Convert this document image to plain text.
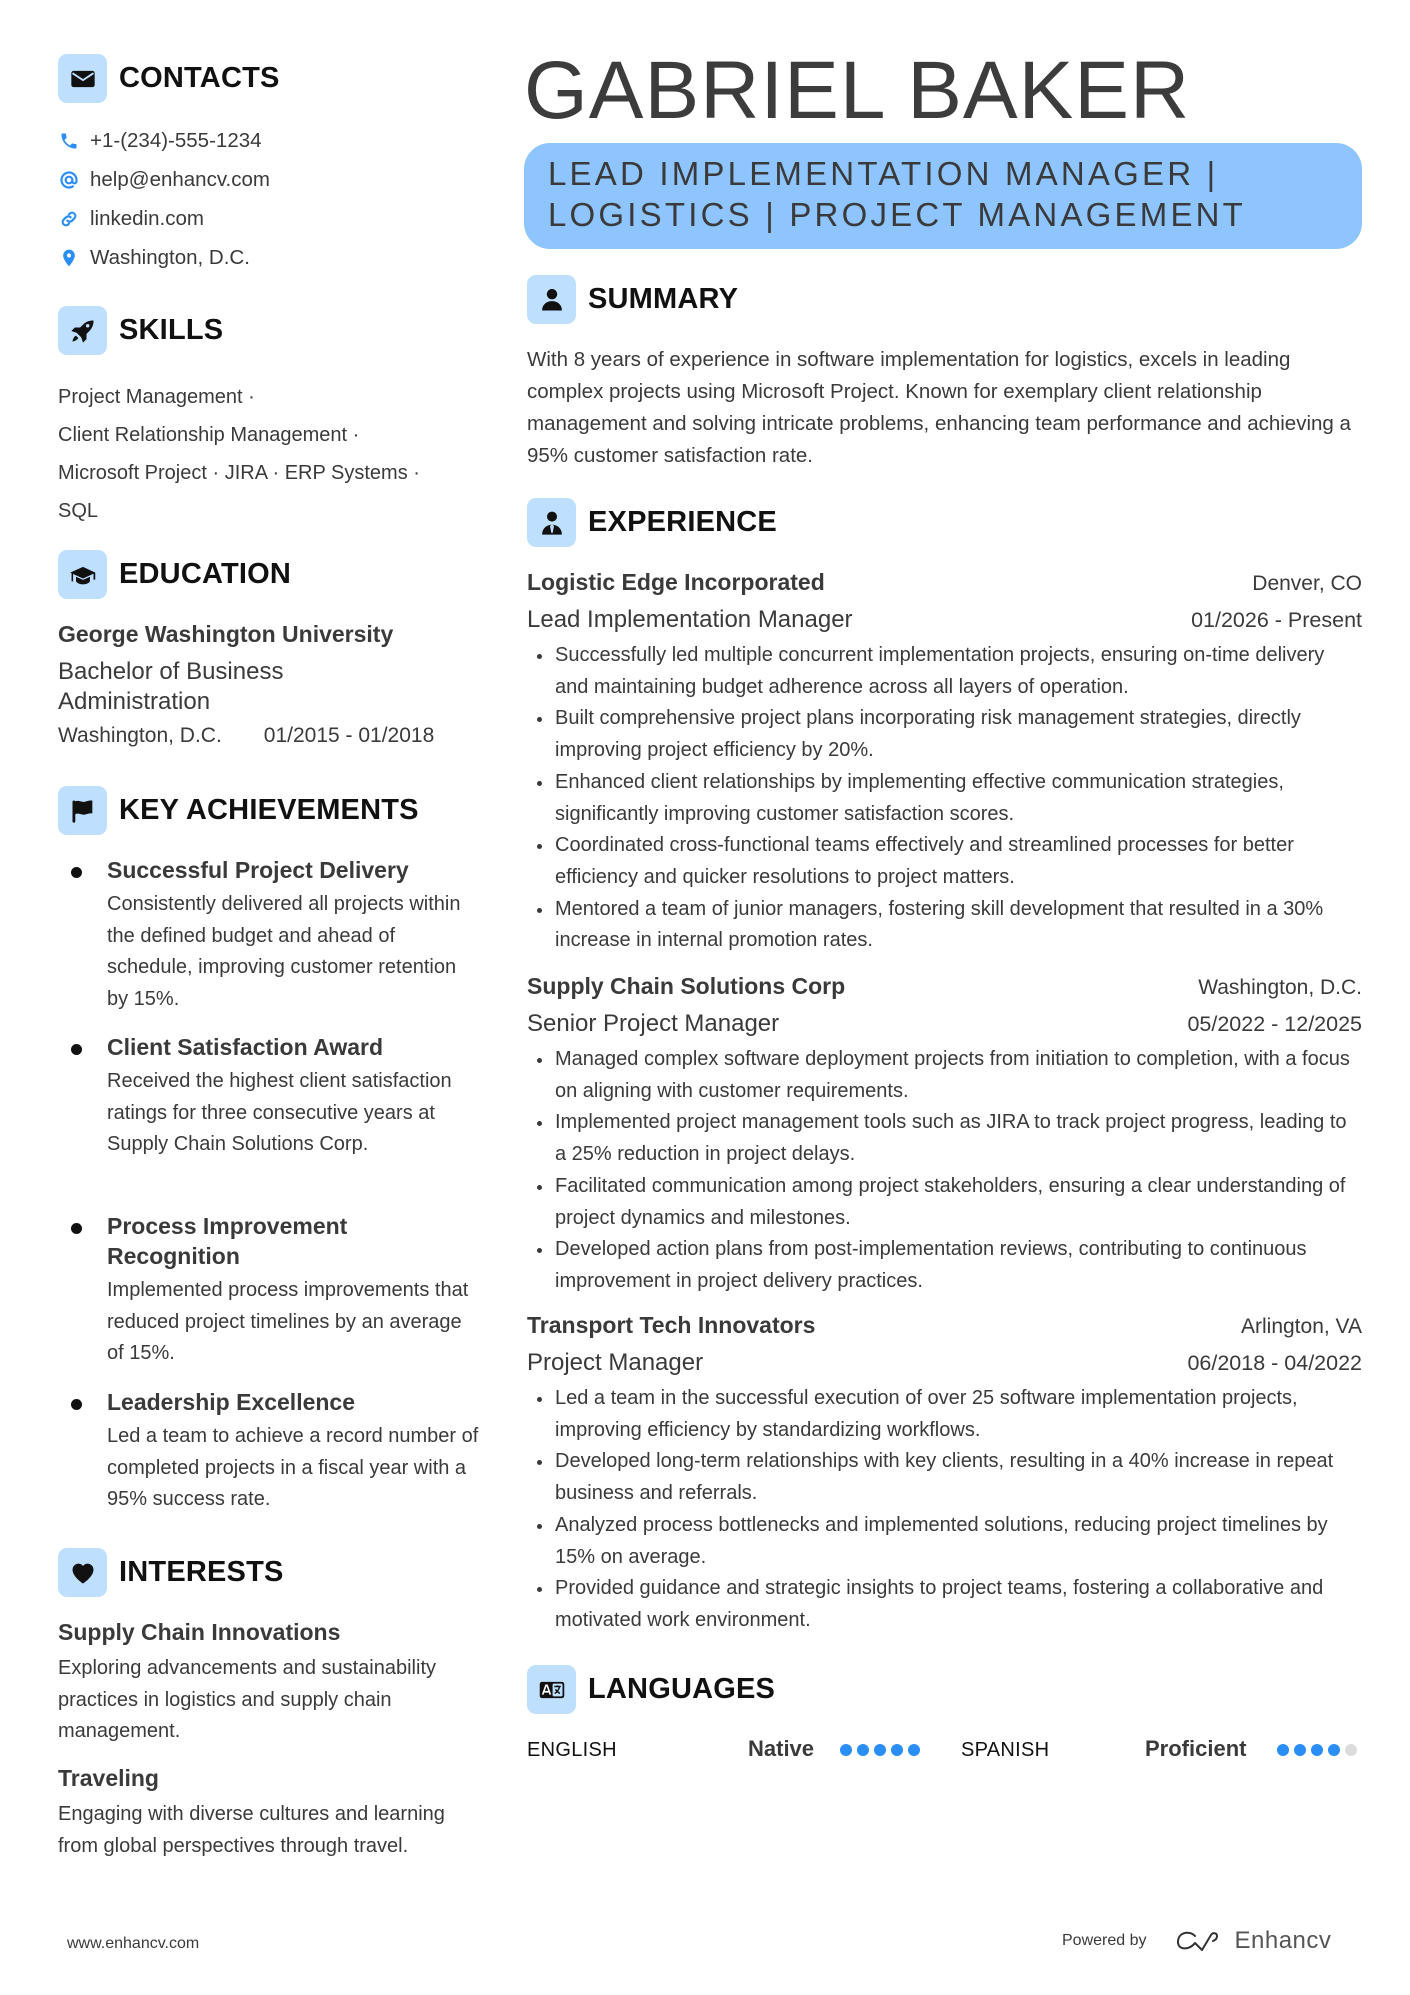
CONTACTS
+1-(234)-555-1234
help@enhancv.com
linkedin.com
Washington, D.C.
SKILLS
Project Management ·
Client Relationship Management ·
Microsoft Project · JIRA · ERP Systems ·
SQL
EDUCATION
George Washington University
Bachelor of Business Administration
Washington, D.C. 01/2015 - 01/2018
KEY ACHIEVEMENTS
Successful Project Delivery
Consistently delivered all projects within the defined budget and ahead of schedule, improving customer retention by 15%.
Client Satisfaction Award
Received the highest client satisfaction ratings for three consecutive years at Supply Chain Solutions Corp.
Process Improvement Recognition
Implemented process improvements that reduced project timelines by an average of 15%.
Leadership Excellence
Led a team to achieve a record number of completed projects in a fiscal year with a 95% success rate.
INTERESTS
Supply Chain Innovations
Exploring advancements and sustainability practices in logistics and supply chain management.
Traveling
Engaging with diverse cultures and learning from global perspectives through travel.
GABRIEL BAKER
LEAD IMPLEMENTATION MANAGER | LOGISTICS | PROJECT MANAGEMENT
SUMMARY
With 8 years of experience in software implementation for logistics, excels in leading complex projects using Microsoft Project. Known for exemplary client relationship management and solving intricate problems, enhancing team performance and achieving a 95% customer satisfaction rate.
EXPERIENCE
Logistic Edge Incorporated	Denver, CO
Lead Implementation Manager	01/2026 - Present
Successfully led multiple concurrent implementation projects, ensuring on-time delivery and maintaining budget adherence across all layers of operation.
Built comprehensive project plans incorporating risk management strategies, directly improving project efficiency by 20%.
Enhanced client relationships by implementing effective communication strategies, significantly improving customer satisfaction scores.
Coordinated cross-functional teams effectively and streamlined processes for better efficiency and quicker resolutions to project matters.
Mentored a team of junior managers, fostering skill development that resulted in a 30% increase in internal promotion rates.
Supply Chain Solutions Corp	Washington, D.C.
Senior Project Manager	05/2022 - 12/2025
Managed complex software deployment projects from initiation to completion, with a focus on aligning with customer requirements.
Implemented project management tools such as JIRA to track project progress, leading to a 25% reduction in project delays.
Facilitated communication among project stakeholders, ensuring a clear understanding of project dynamics and milestones.
Developed action plans from post-implementation reviews, contributing to continuous improvement in project delivery practices.
Transport Tech Innovators	Arlington, VA
Project Manager	06/2018 - 04/2022
Led a team in the successful execution of over 25 software implementation projects, improving efficiency by standardizing workflows.
Developed long-term relationships with key clients, resulting in a 40% increase in repeat business and referrals.
Analyzed process bottlenecks and implemented solutions, reducing project timelines by 15% on average.
Provided guidance and strategic insights to project teams, fostering a collaborative and motivated work environment.
LANGUAGES
ENGLISH	Native	SPANISH	Proficient
www.enhancv.com	Powered by	Enhancv
